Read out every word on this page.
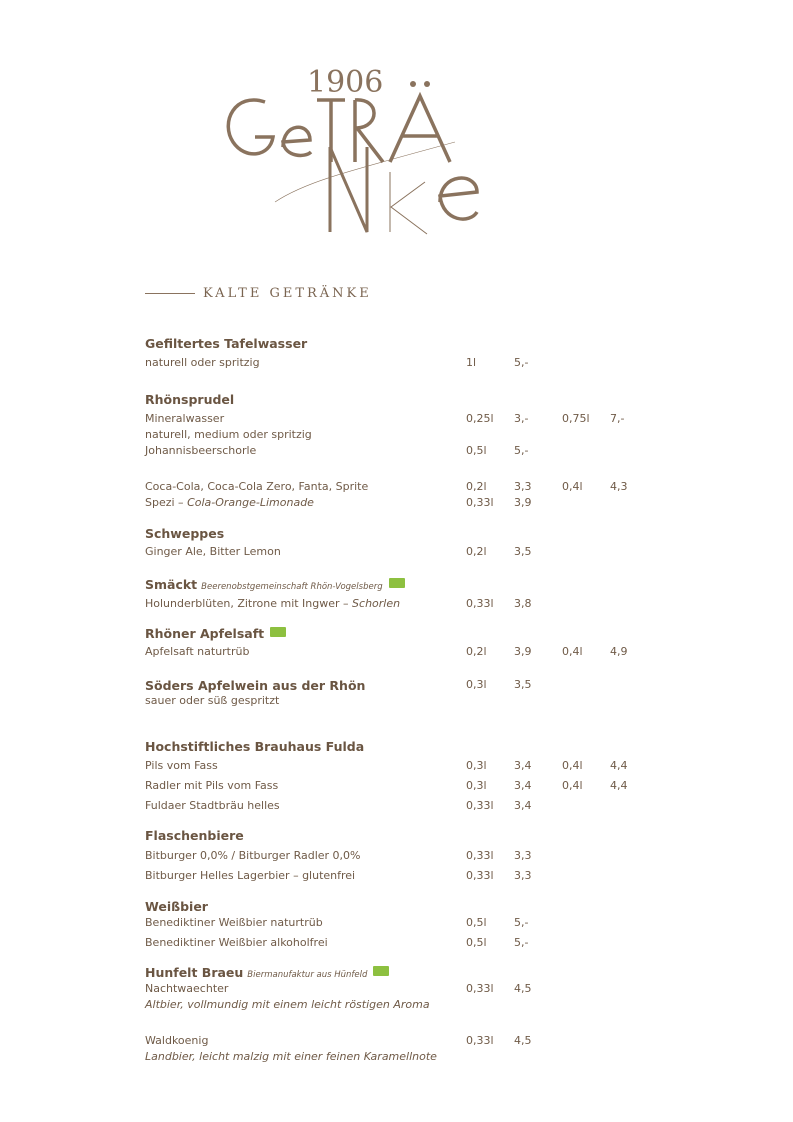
1906
KALTE GETRÄNKE
Gefiltertes Tafelwasser
naturell oder spritzig	1l	5,-
Rhönsprudel
Mineralwasser	0,25l 3,-	0,75l 7,-
naturell, medium oder spritzig
Johannisbeerschorle	0,5l 5,-
Coca-Cola, Coca-Cola Zero, Fanta, Sprite	0,2l 3,3	0,4l 4,3
Spezi – Cola-Orange-Limonade	0,33l 3,9
Schweppes
Ginger Ale, Bitter Lemon	0,2l 3,5
Smäckt Beerenobstgemeinschaft Rhön-Vogelsberg
Holunderblüten, Zitrone mit Ingwer – Schorlen	0,33l 3,8
Rhöner Apfelsaft
Apfelsaft naturtrüb	0,2l 3,9	0,4l 4,9
Söders Apfelwein aus der Rhön	0,3l 3,5
sauer oder süß gespritzt
Hochstiftliches Brauhaus Fulda
Pils vom Fass	0,3l 3,4	0,4l 4,4
Radler mit Pils vom Fass	0,3l 3,4	0,4l 4,4
Fuldaer Stadtbräu helles	0,33l 3,4
Flaschenbiere
Bitburger 0,0% / Bitburger Radler 0,0%	0,33l 3,3
Bitburger Helles Lagerbier – glutenfrei	0,33l 3,3
Weißbier
Benediktiner Weißbier naturtrüb	0,5l 5,-
Benediktiner Weißbier alkoholfrei	0,5l 5,-
Hunfelt Braeu Biermanufaktur aus Hünfeld
Nachtwaechter	0,33l 4,5
Altbier, vollmundig mit einem leicht röstigen Aroma
Waldkoenig	0,33l 4,5
Landbier, leicht malzig mit einer feinen Karamellnote
